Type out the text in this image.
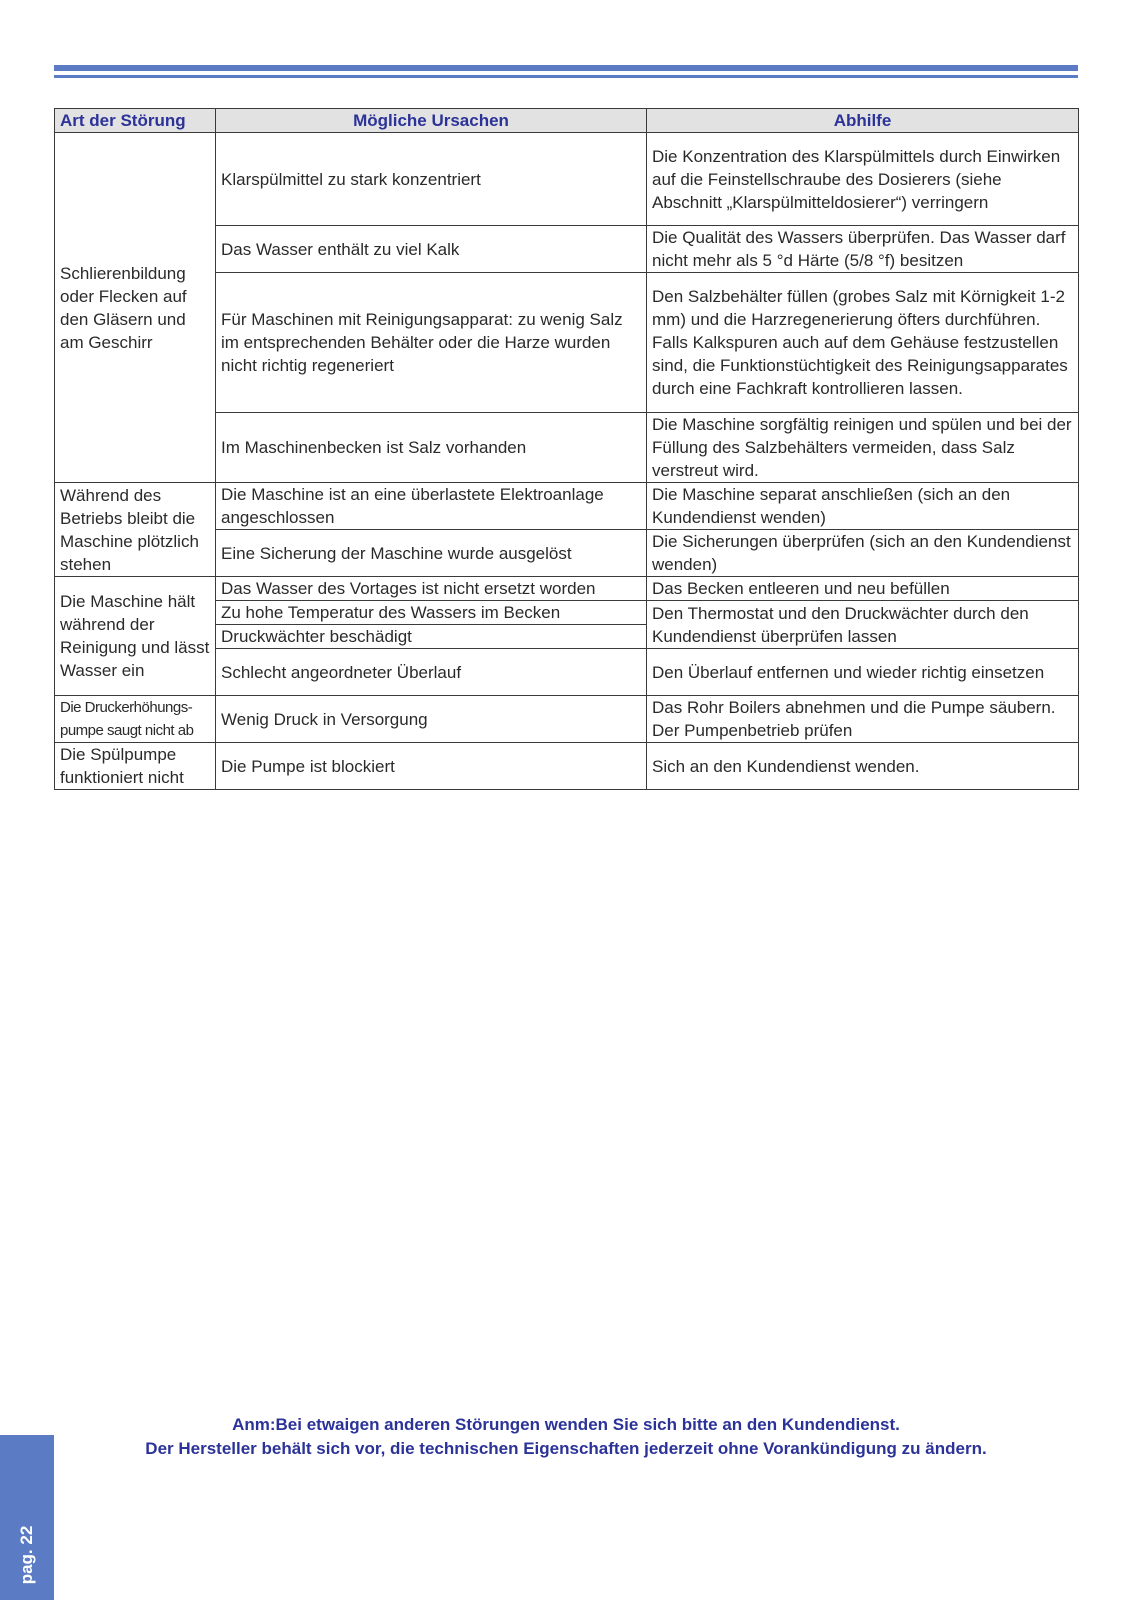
Art der Störung	Mögliche Ursachen	Abhilfe
Schlierenbildung oder Flecken auf den Gläsern und am Geschirr	Klarspülmittel zu stark konzentriert	Die Konzentration des Klarspülmittels durch Einwirken auf die Feinstellschraube des Dosierers (siehe Abschnitt „Klarspülmitteldosierer“) verringern
	Das Wasser enthält zu viel Kalk	Die Qualität des Wassers überprüfen. Das Wasser darf nicht mehr als 5 °d Härte (5/8 °f) besitzen
	Für Maschinen mit Reinigungsapparat: zu wenig Salz im entsprechenden Behälter oder die Harze wurden nicht richtig regeneriert	Den Salzbehälter füllen (grobes Salz mit Körnigkeit 1-2 mm) und die Harzregenerierung öfters durchführen. Falls Kalkspuren auch auf dem Gehäuse festzustellen sind, die Funktionstüchtigkeit des Reinigungsapparates durch eine Fachkraft kontrollieren lassen.
	Im Maschinenbecken ist Salz vorhanden	Die Maschine sorgfältig reinigen und spülen und bei der Füllung des Salzbehälters vermeiden, dass Salz verstreut wird.
Während des Betriebs bleibt die Maschine plötzlich stehen	Die Maschine ist an eine überlastete Elektroanlage angeschlossen	Die Maschine separat anschließen (sich an den Kundendienst wenden)
	Eine Sicherung der Maschine wurde ausgelöst	Die Sicherungen überprüfen (sich an den Kundendienst wenden)
Die Maschine hält während der Reinigung und lässt Wasser ein	Das Wasser des Vortages ist nicht ersetzt worden	Das Becken entleeren und neu befüllen
	Zu hohe Temperatur des Wassers im Becken	Den Thermostat und den Druckwächter durch den Kundendienst überprüfen lassen
	Druckwächter beschädigt	
	Schlecht angeordneter Überlauf	Den Überlauf entfernen und wieder richtig einsetzen
Die Druckerhöhungs- pumpe saugt nicht ab	Wenig Druck in Versorgung	Das Rohr Boilers abnehmen und die Pumpe säubern. Der Pumpenbetrieb prüfen
Die Spülpumpe funktioniert nicht	Die Pumpe ist blockiert	Sich an den Kundendienst wenden.
Anm:Bei etwaigen anderen Störungen wenden Sie sich bitte an den Kundendienst.
Der Hersteller behält sich vor, die technischen Eigenschaften jederzeit ohne Vorankündigung zu ändern.
pag. 22
